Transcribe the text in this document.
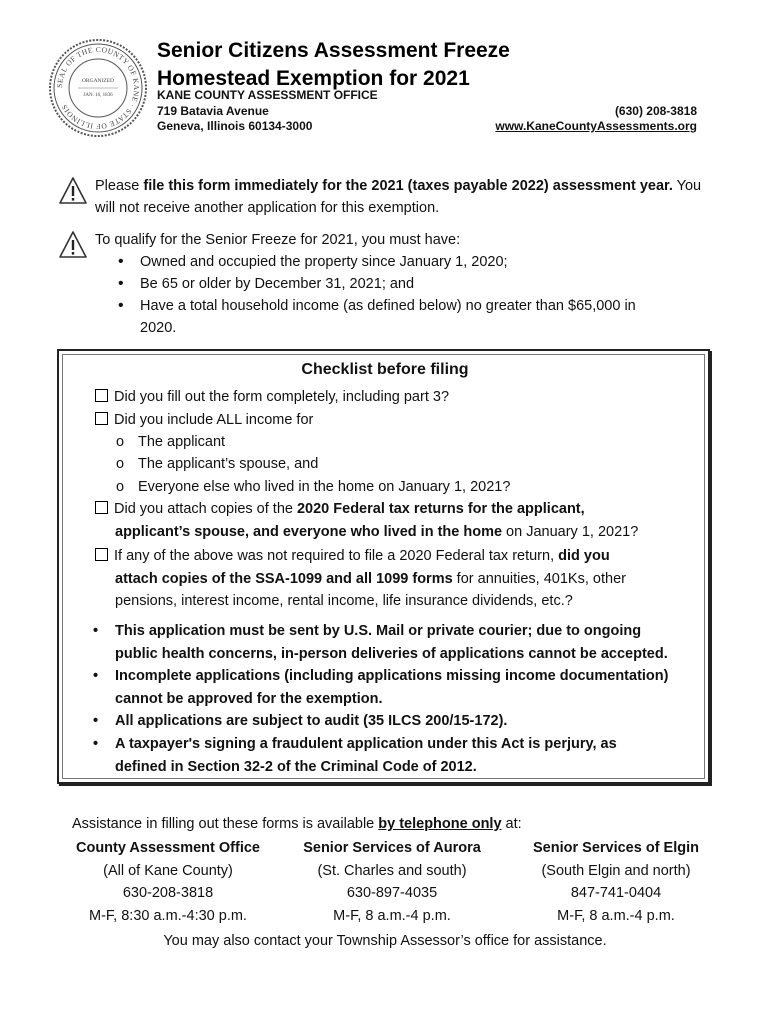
SEAL OF THE COUNTY OF KANE · STATE OF ILLINOIS
ORGANIZED
JAN. 16, 1836
Senior Citizens Assessment Freeze
Homestead Exemption for 2021
KANE COUNTY ASSESSMENT OFFICE
719 Batavia Avenue
Geneva, Illinois 60134-3000
(630) 208-3818
www.KaneCountyAssessments.org
Please file this form immediately for the 2021 (taxes payable 2022) assessment year. You will not receive another application for this exemption.
To qualify for the Senior Freeze for 2021, you must have:
• Owned and occupied the property since January 1, 2020;
• Be 65 or older by December 31, 2021; and
• Have a total household income (as defined below) no greater than $65,000 in
2020.
Checklist before filing
Did you fill out the form completely, including part 3?
Did you include ALL income for
o The applicant
o The applicant’s spouse, and
o Everyone else who lived in the home on January 1, 2021?
Did you attach copies of the 2020 Federal tax returns for the applicant,
applicant’s spouse, and everyone who lived in the home on January 1, 2021?
If any of the above was not required to file a 2020 Federal tax return, did you
attach copies of the SSA-1099 and all 1099 forms for annuities, 401Ks, other
pensions, interest income, rental income, life insurance dividends, etc.?
• This application must be sent by U.S. Mail or private courier; due to ongoing
public health concerns, in-person deliveries of applications cannot be accepted.
• Incomplete applications (including applications missing income documentation)
cannot be approved for the exemption.
• All applications are subject to audit (35 ILCS 200/15-172).
• A taxpayer's signing a fraudulent application under this Act is perjury, as
defined in Section 32-2 of the Criminal Code of 2012.
Assistance in filling out these forms is available by telephone only at:
County Assessment Office
(All of Kane County)
630-208-3818
M-F, 8:30 a.m.-4:30 p.m.
Senior Services of Aurora
(St. Charles and south)
630-897-4035
M-F, 8 a.m.-4 p.m.
Senior Services of Elgin
(South Elgin and north)
847-741-0404
M-F, 8 a.m.-4 p.m.
You may also contact your Township Assessor’s office for assistance.
